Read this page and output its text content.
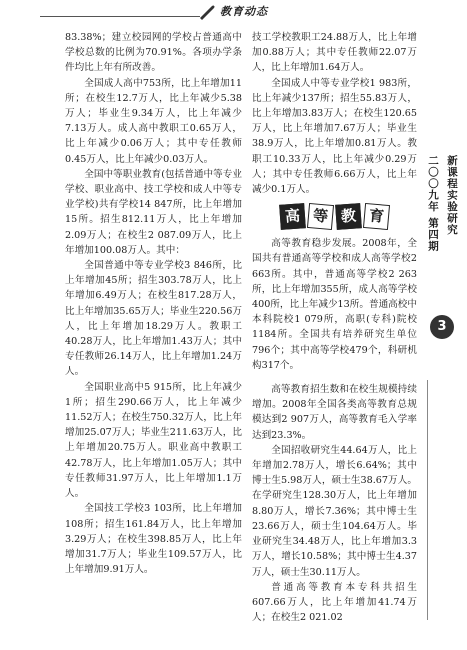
教育动态

83.38%；建立校园网的学校占普通高中学校总数的比例为70.91%。各项办学条件均比上年有所改善。

全国成人高中753所，比上年增加11所；在校生12.7万人，比上年减少5.38万人；毕业生9.34万人，比上年减少7.13万人。成人高中教职工0.65万人，比上年减少0.06万人；其中专任教师0.45万人，比上年减少0.03万人。

全国中等职业教育(包括普通中等专业学校、职业高中、技工学校和成人中等专业学校)共有学校14 847所，比上年增加15所。招生812.11万人，比上年增加2.09万人；在校生2 087.09万人，比上年增加100.08万人。其中：

全国普通中等专业学校3 846所，比上年增加45所；招生303.78万人，比上年增加6.49万人；在校生817.28万人，比上年增加35.65万人；毕业生220.56万人，比上年增加18.29万人。教职工40.28万人，比上年增加1.43万人；其中专任教师26.14万人，比上年增加1.24万人。

全国职业高中5 915所，比上年减少1所；招生290.66万人，比上年减少11.52万人；在校生750.32万人，比上年增加25.07万人；毕业生211.63万人，比上年增加20.75万人。职业高中教职工42.78万人，比上年增加1.05万人；其中专任教师31.97万人，比上年增加1.1万人。

全国技工学校3 103所，比上年增加108所；招生161.84万人，比上年增加3.29万人；在校生398.85万人，比上年增加31.7万人；毕业生109.57万人，比上年增加9.91万人。

技工学校教职工24.88万人，比上年增加0.88万人；其中专任教师22.07万人，比上年增加1.64万人。

全国成人中等专业学校1 983所，比上年减少137所；招生55.83万人，比上年增加3.83万人；在校生120.65万人，比上年增加7.67万人；毕业生38.9万人，比上年增加0.81万人。教职工10.33万人，比上年减少0.29万人；其中专任教师6.66万人，比上年减少0.1万人。

高 等 教 育

高等教育稳步发展。2008年，全国共有普通高等学校和成人高等学校2 663所。其中，普通高等学校2 263所，比上年增加355所，成人高等学校400所，比上年减少13所。普通高校中本科院校1 079所，高职(专科)院校1184所。全国共有培养研究生单位796个；其中高等学校479个，科研机构317个。

高等教育招生数和在校生规模持续增加。2008年全国各类高等教育总规模达到2 907万人，高等教育毛入学率达到23.3%。

全国招收研究生44.64万人，比上年增加2.78万人，增长6.64%；其中博士生5.98万人，硕士生38.67万人。在学研究生128.30万人，比上年增加8.80万人，增长7.36%；其中博士生23.66万人，硕士生104.64万人。毕业研究生34.48万人，比上年增加3.3万人，增长10.58%；其中博士生4.37万人，硕士生30.11万人。

普通高等教育本专科共招生607.66万人，比上年增加41.74万人；在校生2 021.02

新课程实验研究
二〇〇九年 第四期
3
